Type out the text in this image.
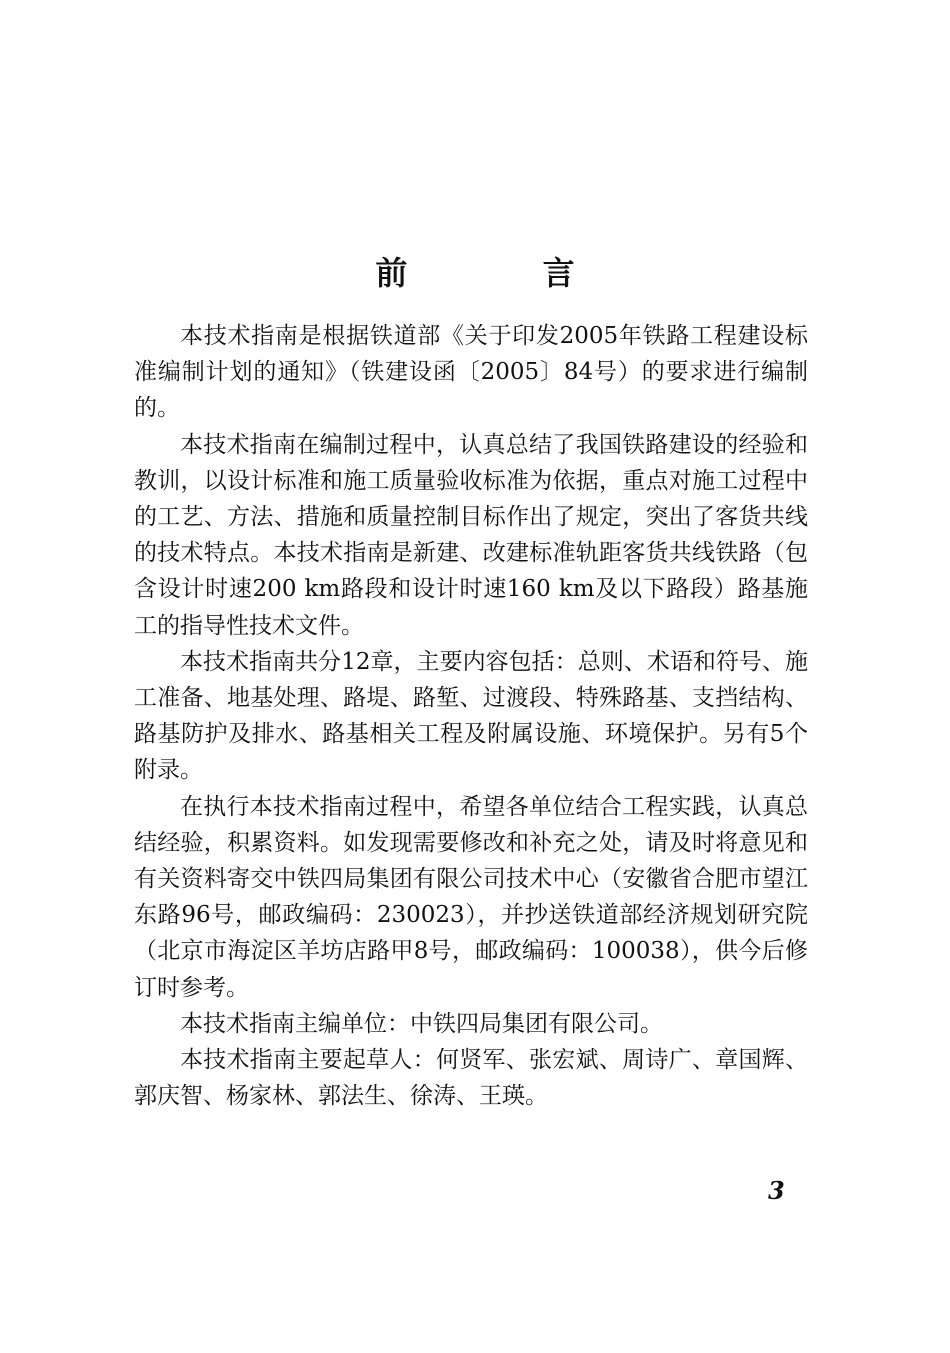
前 言

本技术指南是根据铁道部《关于印发2005年铁路工程建设标准编制计划的通知》（铁建设函〔2005〕84号）的要求进行编制的。

本技术指南在编制过程中，认真总结了我国铁路建设的经验和教训，以设计标准和施工质量验收标准为依据，重点对施工过程中的工艺、方法、措施和质量控制目标作出了规定，突出了客货共线的技术特点。本技术指南是新建、改建标准轨距客货共线铁路（包含设计时速200 km路段和设计时速160 km及以下路段）路基施工的指导性技术文件。

本技术指南共分12章，主要内容包括：总则、术语和符号、施工准备、地基处理、路堤、路堑、过渡段、特殊路基、支挡结构、路基防护及排水、路基相关工程及附属设施、环境保护。另有5个附录。

在执行本技术指南过程中，希望各单位结合工程实践，认真总结经验，积累资料。如发现需要修改和补充之处，请及时将意见和有关资料寄交中铁四局集团有限公司技术中心（安徽省合肥市望江东路96号，邮政编码：230023），并抄送铁道部经济规划研究院（北京市海淀区羊坊店路甲8号，邮政编码：100038），供今后修订时参考。

本技术指南主编单位：中铁四局集团有限公司。

本技术指南主要起草人：何贤军、张宏斌、周诗广、章国辉、郭庆智、杨家林、郭法生、徐涛、王瑛。

3
